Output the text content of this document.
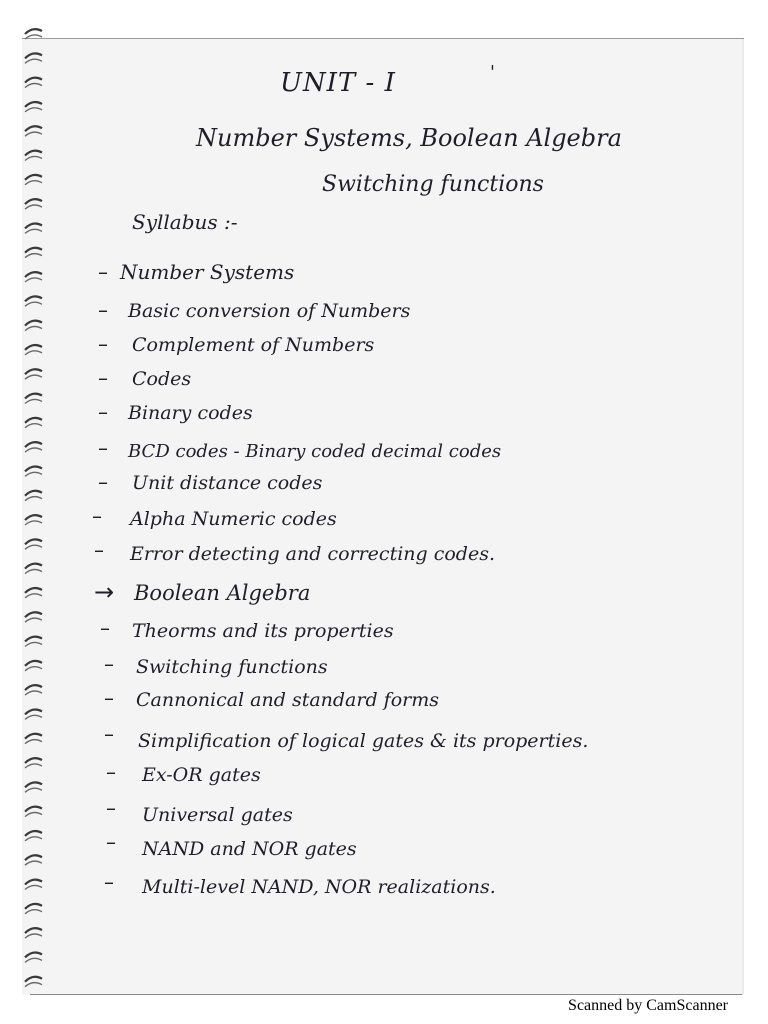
UNIT - I	'
Number Systems, Boolean Algebra
Switching functions
Syllabus :-
– Number Systems
– Basic conversion of Numbers
– Complement of Numbers
– Codes
– Binary codes
– BCD codes - Binary coded decimal codes
– Unit distance codes
– Alpha Numeric codes
– Error detecting and correcting codes.
→ Boolean Algebra
– Theorms and its properties
– Switching functions
– Cannonical and standard forms
– Simplification of logical gates & its properties.
– Ex-OR gates
– Universal gates
– NAND and NOR gates
– Multi-level NAND, NOR realizations.
Scanned by CamScanner
